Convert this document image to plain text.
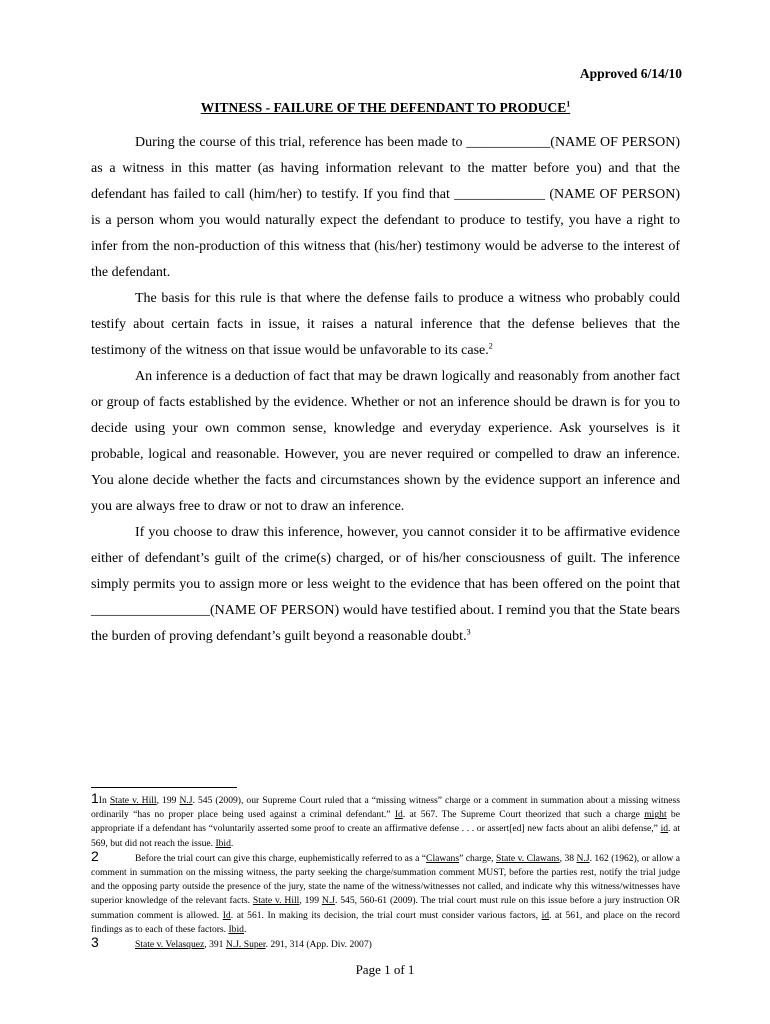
Approved 6/14/10
WITNESS - FAILURE OF THE DEFENDANT TO PRODUCE$^1$

During the course of this trial, reference has been made to ____________(NAME OF PERSON) as a witness in this matter (as having information relevant to the matter before you) and that the defendant has failed to call (him/her) to testify. If you find that _____________ (NAME OF PERSON) is a person whom you would naturally expect the defendant to produce to testify, you have a right to infer from the non-production of this witness that (his/her) testimony would be adverse to the interest of the defendant.

The basis for this rule is that where the defense fails to produce a witness who probably could testify about certain facts in issue, it raises a natural inference that the defense believes that the testimony of the witness on that issue would be unfavorable to its case.$^2$

An inference is a deduction of fact that may be drawn logically and reasonably from another fact or group of facts established by the evidence. Whether or not an inference should be drawn is for you to decide using your own common sense, knowledge and everyday experience. Ask yourselves is it probable, logical and reasonable. However, you are never required or compelled to draw an inference. You alone decide whether the facts and circumstances shown by the evidence support an inference and you are always free to draw or not to draw an inference.

If you choose to draw this inference, however, you cannot consider it to be affirmative evidence either of defendant’s guilt of the crime(s) charged, or of his/her consciousness of guilt. The inference simply permits you to assign more or less weight to the evidence that has been offered on the point that _________________(NAME OF PERSON) would have testified about. I remind you that the State bears the burden of proving defendant’s guilt beyond a reasonable doubt.$^3$

1In State v. Hill, 199 N.J. 545 (2009), our Supreme Court ruled that a “missing witness” charge or a comment in summation about a missing witness ordinarily “has no proper place being used against a criminal defendant.” Id. at 567. The Supreme Court theorized that such a charge might be appropriate if a defendant has “voluntarily asserted some proof to create an affirmative defense . . . or assert[ed] new facts about an alibi defense,” id. at 569, but did not reach the issue. Ibid.

2	Before the trial court can give this charge, euphemistically referred to as a “Clawans” charge, State v. Clawans, 38 N.J. 162 (1962), or allow a comment in summation on the missing witness, the party seeking the charge/summation comment MUST, before the parties rest, notify the trial judge and the opposing party outside the presence of the jury, state the name of the witness/witnesses not called, and indicate why this witness/witnesses have superior knowledge of the relevant facts. State v. Hill, 199 N.J. 545, 560-61 (2009). The trial court must rule on this issue before a jury instruction OR summation comment is allowed. Id. at 561. In making its decision, the trial court must consider various factors, id. at 561, and place on the record findings as to each of these factors. Ibid.

3	State v. Velasquez, 391 N.J. Super. 291, 314 (App. Div. 2007)

Page 1 of 1
